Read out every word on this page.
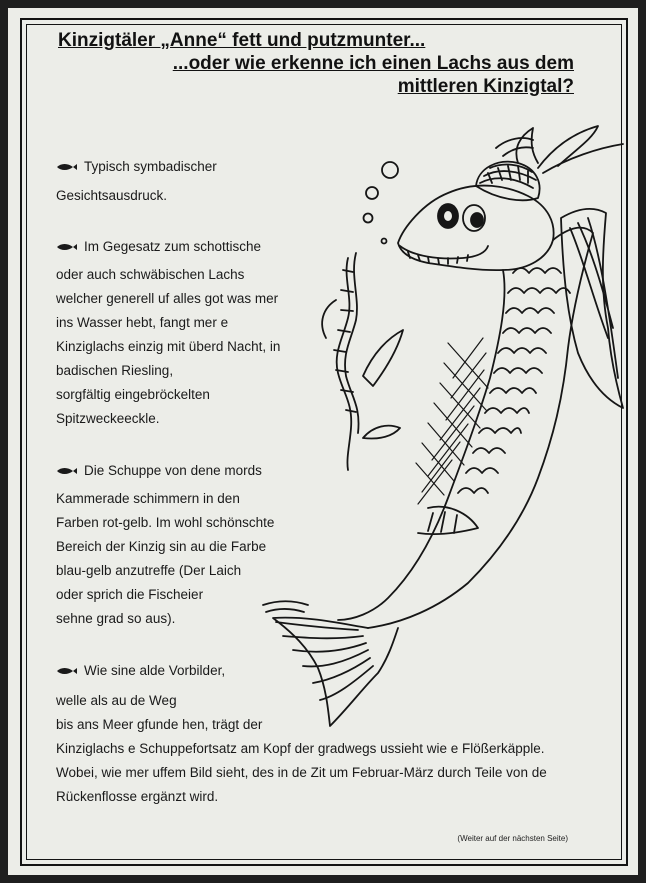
Kinzigtäler „Anne“ fett und putzmunter...
...oder wie erkenne ich einen Lachs aus dem
mittleren Kinzigtal?
Typisch symbadischer
Gesichtsausdruck.
Im Gegesatz zum schottische
oder auch schwäbischen Lachs
welcher generell uf alles got was mer
ins Wasser hebt, fangt mer e
Kinziglachs einzig mit überd Nacht, in
badischen Riesling,
sorgfältig eingebröckelten
Spitzweckeeckle.
Die Schuppe von dene mords
Kammerade schimmern in den
Farben rot-gelb. Im wohl schönschte
Bereich der Kinzig sin au die Farbe
blau-gelb anzutreffe (Der Laich
oder sprich die Fischeier
sehne grad so aus).
Wie sine alde Vorbilder,
welle als au de Weg
bis ans Meer gfunde hen, trägt der
Kinziglachs e Schuppefortsatz am Kopf der gradwegs ussieht wie e Flößerkäpple.
Wobei, wie mer uffem Bild sieht, des in de Zit um Februar-März durch Teile von de
Rückenflosse ergänzt wird.
(Weiter auf der nächsten Seite)
